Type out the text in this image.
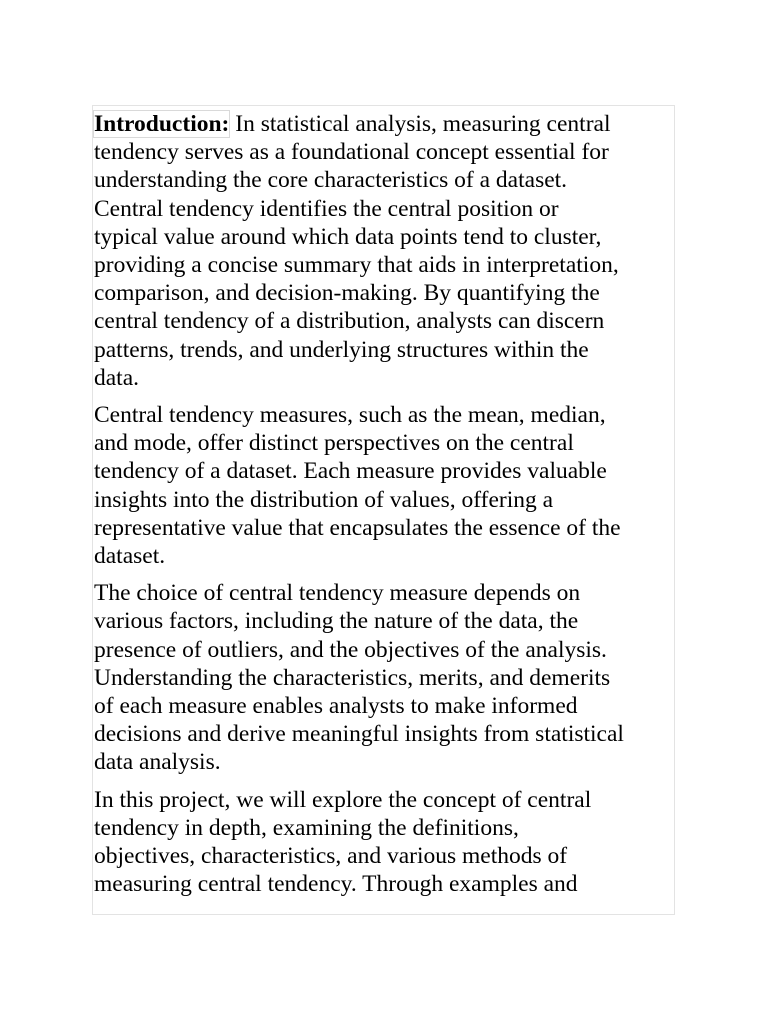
Introduction: In statistical analysis, measuring central
tendency serves as a foundational concept essential for
understanding the core characteristics of a dataset.
Central tendency identifies the central position or
typical value around which data points tend to cluster,
providing a concise summary that aids in interpretation,
comparison, and decision-making. By quantifying the
central tendency of a distribution, analysts can discern
patterns, trends, and underlying structures within the
data.

Central tendency measures, such as the mean, median,
and mode, offer distinct perspectives on the central
tendency of a dataset. Each measure provides valuable
insights into the distribution of values, offering a
representative value that encapsulates the essence of the
dataset.

The choice of central tendency measure depends on
various factors, including the nature of the data, the
presence of outliers, and the objectives of the analysis.
Understanding the characteristics, merits, and demerits
of each measure enables analysts to make informed
decisions and derive meaningful insights from statistical
data analysis.

In this project, we will explore the concept of central
tendency in depth, examining the definitions,
objectives, characteristics, and various methods of
measuring central tendency. Through examples and
